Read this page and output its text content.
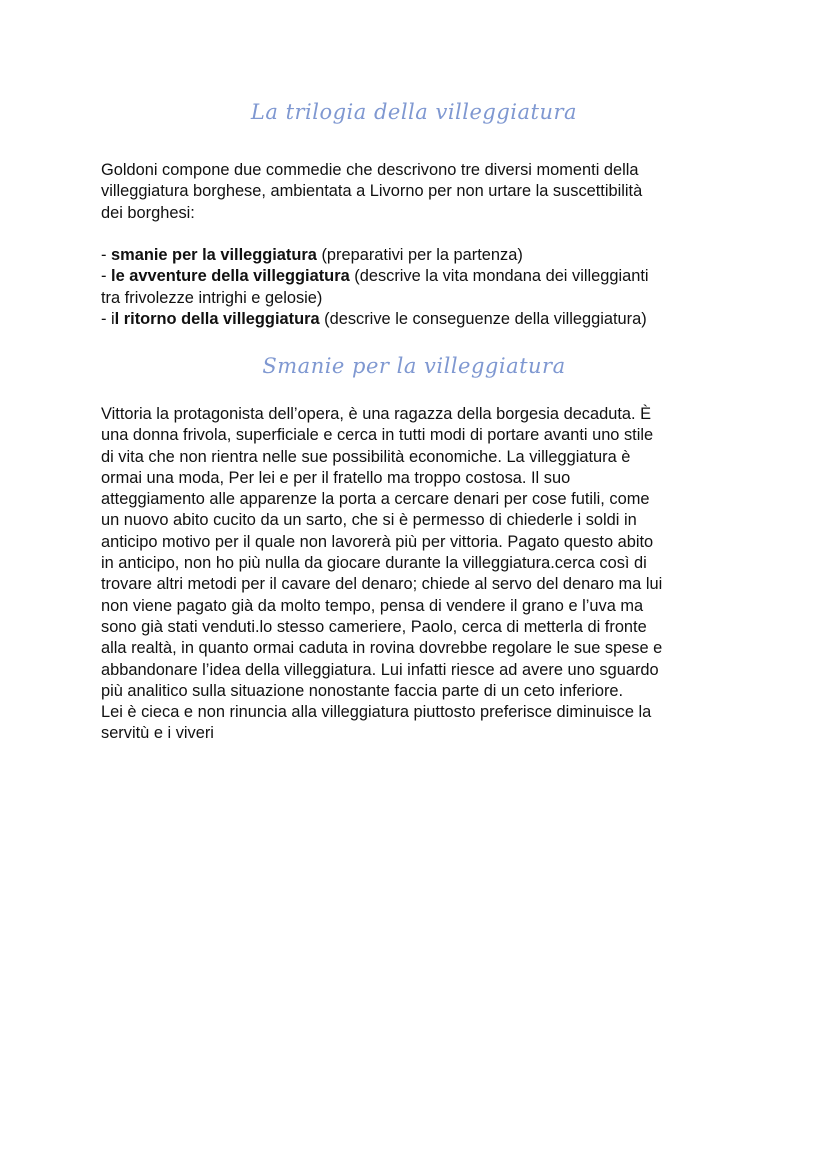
La trilogia della villeggiatura
Goldoni compone due commedie che descrivono tre diversi momenti della
villeggiatura borghese, ambientata a Livorno per non urtare la suscettibilità
dei borghesi:
- smanie per la villeggiatura (preparativi per la partenza)
- le avventure della villeggiatura (descrive la vita mondana dei villeggianti
tra frivolezze intrighi e gelosie)
- il ritorno della villeggiatura (descrive le conseguenze della villeggiatura)
Smanie per la villeggiatura
Vittoria la protagonista dell’opera, è una ragazza della borgesia decaduta. È
una donna frivola, superficiale e cerca in tutti modi di portare avanti uno stile
di vita che non rientra nelle sue possibilità economiche. La villeggiatura è
ormai una moda, Per lei e per il fratello ma troppo costosa. Il suo
atteggiamento alle apparenze la porta a cercare denari per cose futili, come
un nuovo abito cucito da un sarto, che si è permesso di chiederle i soldi in
anticipo motivo per il quale non lavorerà più per vittoria. Pagato questo abito
in anticipo, non ho più nulla da giocare durante la villeggiatura.cerca così di
trovare altri metodi per il cavare del denaro; chiede al servo del denaro ma lui
non viene pagato già da molto tempo, pensa di vendere il grano e l’uva ma
sono già stati venduti.lo stesso cameriere, Paolo, cerca di metterla di fronte
alla realtà, in quanto ormai caduta in rovina dovrebbe regolare le sue spese e
abbandonare l’idea della villeggiatura. Lui infatti riesce ad avere uno sguardo
più analitico sulla situazione nonostante faccia parte di un ceto inferiore.
Lei è cieca e non rinuncia alla villeggiatura piuttosto preferisce diminuisce la
servitù e i viveri
